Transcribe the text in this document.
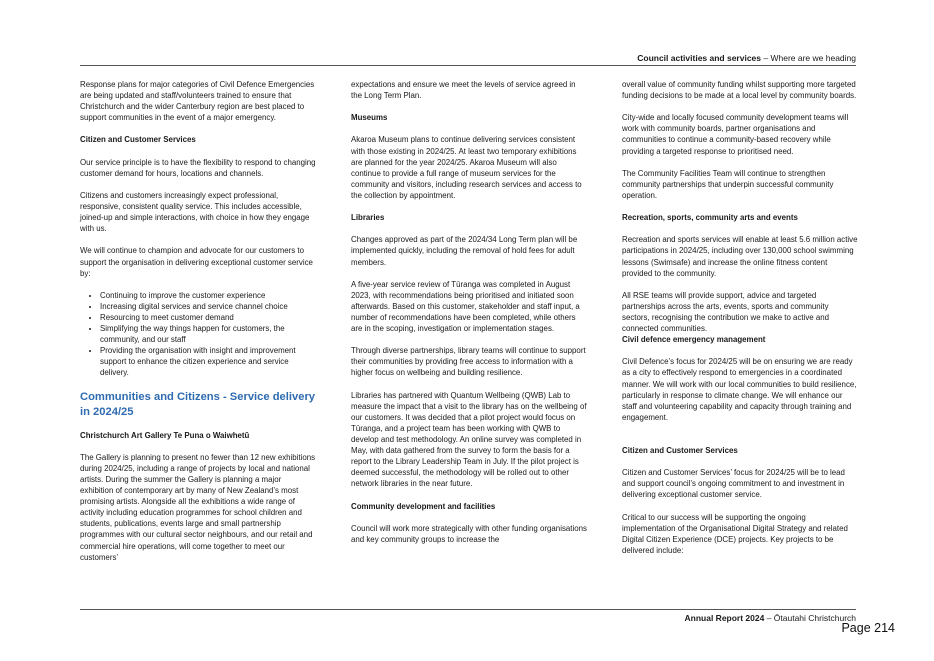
Council activities and services – Where are we heading

Response plans for major categories of Civil Defence Emergencies are being updated and staff/volunteers trained to ensure that Christchurch and the wider Canterbury region are best placed to support communities in the event of a major emergency.

Citizen and Customer Services

Our service principle is to have the flexibility to respond to changing customer demand for hours, locations and channels.

Citizens and customers increasingly expect professional, responsive, consistent quality service. This includes accessible, joined-up and simple interactions, with choice in how they engage with us.

We will continue to champion and advocate for our customers to support the organisation in delivering exceptional customer service by:

• Continuing to improve the customer experience
• Increasing digital services and service channel choice
• Resourcing to meet customer demand
• Simplifying the way things happen for customers, the community, and our staff
• Providing the organisation with insight and improvement support to enhance the citizen experience and service delivery.
Communities and Citizens - Service delivery in 2024/25
Christchurch Art Gallery Te Puna o Waiwhetū

The Gallery is planning to present no fewer than 12 new exhibitions during 2024/25, including a range of projects by local and national artists. During the summer the Gallery is planning a major exhibition of contemporary art by many of New Zealand’s most promising artists. Alongside all the exhibitions a wide range of activity including education programmes for school children and students, publications, events large and small partnership programmes with our cultural sector neighbours, and our retail and commercial hire operations, will come together to meet our customers’

expectations and ensure we meet the levels of service agreed in the Long Term Plan.

Museums

Akaroa Museum plans to continue delivering services consistent with those existing in 2024/25. At least two temporary exhibitions are planned for the year 2024/25. Akaroa Museum will also continue to provide a full range of museum services for the community and visitors, including research services and access to the collection by appointment.

Libraries

Changes approved as part of the 2024/34 Long Term plan will be implemented quickly, including the removal of hold fees for adult members.

A five-year service review of Tūranga was completed in August 2023, with recommendations being prioritised and initiated soon afterwards. Based on this customer, stakeholder and staff input, a number of recommendations have been completed, while others are in the scoping, investigation or implementation stages.

Through diverse partnerships, library teams will continue to support their communities by providing free access to information with a higher focus on wellbeing and building resilience.

Libraries has partnered with Quantum Wellbeing (QWB) Lab to measure the impact that a visit to the library has on the wellbeing of our customers. It was decided that a pilot project would focus on Tūranga, and a project team has been working with QWB to develop and test methodology. An online survey was completed in May, with data gathered from the survey to form the basis for a report to the Library Leadership Team in July. If the pilot project is deemed successful, the methodology will be rolled out to other network libraries in the near future.

Community development and facilities

Council will work more strategically with other funding organisations and key community groups to increase the

overall value of community funding whilst supporting more targeted funding decisions to be made at a local level by community boards.

City-wide and locally focused community development teams will work with community boards, partner organisations and communities to continue a community-based recovery while providing a targeted response to prioritised need.

The Community Facilities Team will continue to strengthen community partnerships that underpin successful community operation.

Recreation, sports, community arts and events

Recreation and sports services will enable at least 5.6 million active participations in 2024/25, including over 130,000 school swimming lessons (Swimsafe) and increase the online fitness content provided to the community.

All RSE teams will provide support, advice and targeted partnerships across the arts, events, sports and community sectors, recognising the contribution we make to active and connected communities.

Civil defence emergency management

Civil Defence’s focus for 2024/25 will be on ensuring we are ready as a city to effectively respond to emergencies in a coordinated manner. We will work with our local communities to build resilience, particularly in response to climate change. We will enhance our staff and volunteering capability and capacity through training and engagement.

Citizen and Customer Services

Citizen and Customer Services’ focus for 2024/25 will be to lead and support council’s ongoing commitment to and investment in delivering exceptional customer service.

Critical to our success will be supporting the ongoing implementation of the Organisational Digital Strategy and related Digital Citizen Experience (DCE) projects. Key projects to be delivered include:

Annual Report 2024 – Ōtautahi Christchurch
Page 214
